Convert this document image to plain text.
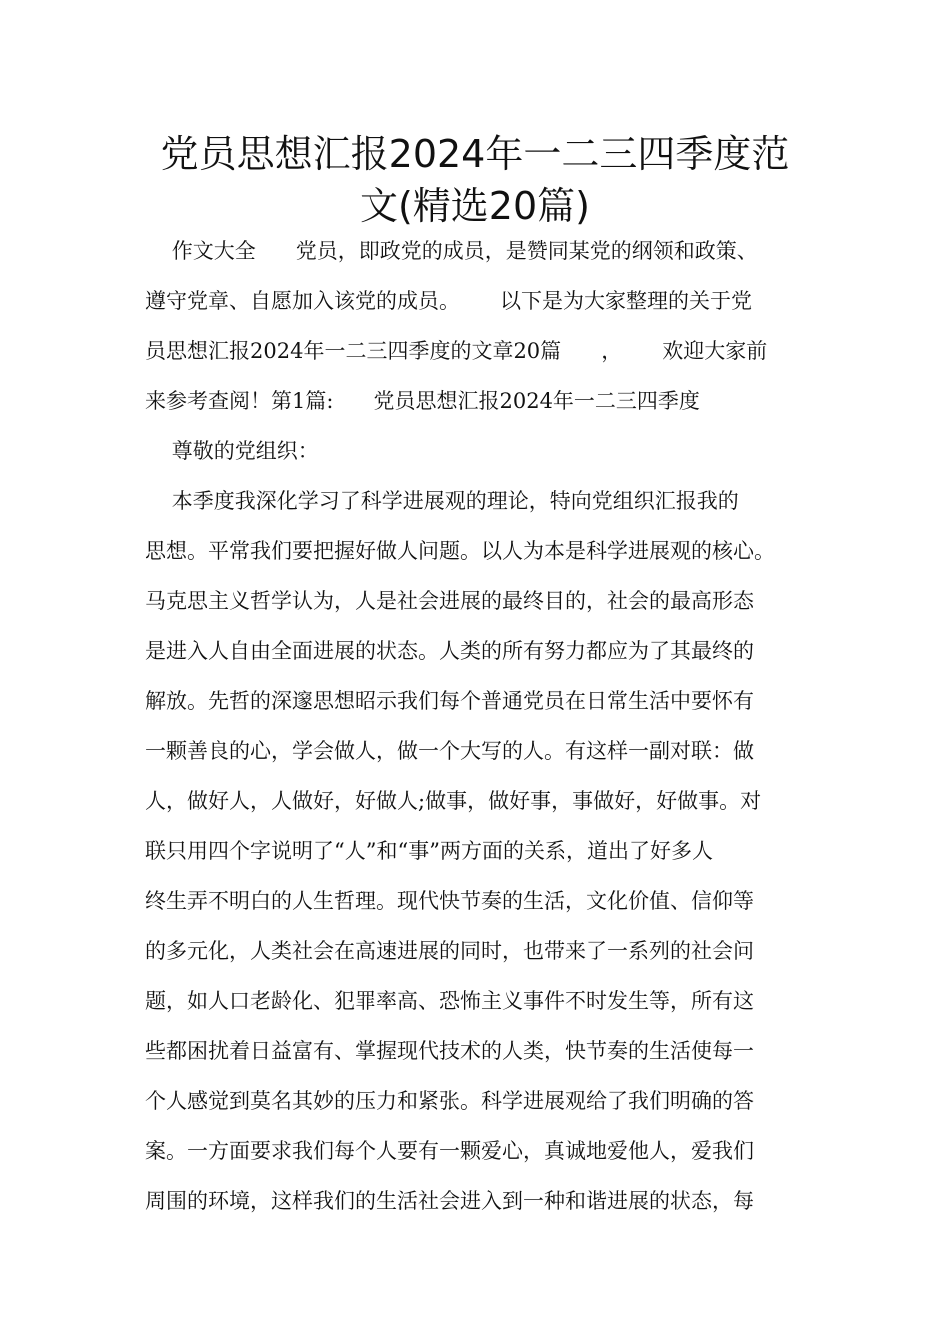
党员思想汇报2024年一二三四季度范
文(精选20篇)
作文大全      党员，即政党的成员，是赞同某党的纲领和政策、
遵守党章、自愿加入该党的成员。      以下是为大家整理的关于党
员思想汇报2024年一二三四季度的文章20篇      ，      欢迎大家前
来参考查阅！第1篇:      党员思想汇报2024年一二三四季度
尊敬的党组织：
本季度我深化学习了科学进展观的理论，特向党组织汇报我的
思想。平常我们要把握好做人问题。以人为本是科学进展观的核心。
马克思主义哲学认为，人是社会进展的最终目的，社会的最高形态
是进入人自由全面进展的状态。人类的所有努力都应为了其最终的
解放。先哲的深邃思想昭示我们每个普通党员在日常生活中要怀有
一颗善良的心，学会做人，做一个大写的人。有这样一副对联：做
人，做好人，人做好，好做人;做事，做好事，事做好，好做事。对
联只用四个字说明了“人”和“事”两方面的关系，道出了好多人
终生弄不明白的人生哲理。现代快节奏的生活，文化价值、信仰等
的多元化，人类社会在高速进展的同时，也带来了一系列的社会问
题，如人口老龄化、犯罪率高、恐怖主义事件不时发生等，所有这
些都困扰着日益富有、掌握现代技术的人类，快节奏的生活使每一
个人感觉到莫名其妙的压力和紧张。科学进展观给了我们明确的答
案。一方面要求我们每个人要有一颗爱心，真诚地爱他人，爱我们
周围的环境，这样我们的生活社会进入到一种和谐进展的状态，每
